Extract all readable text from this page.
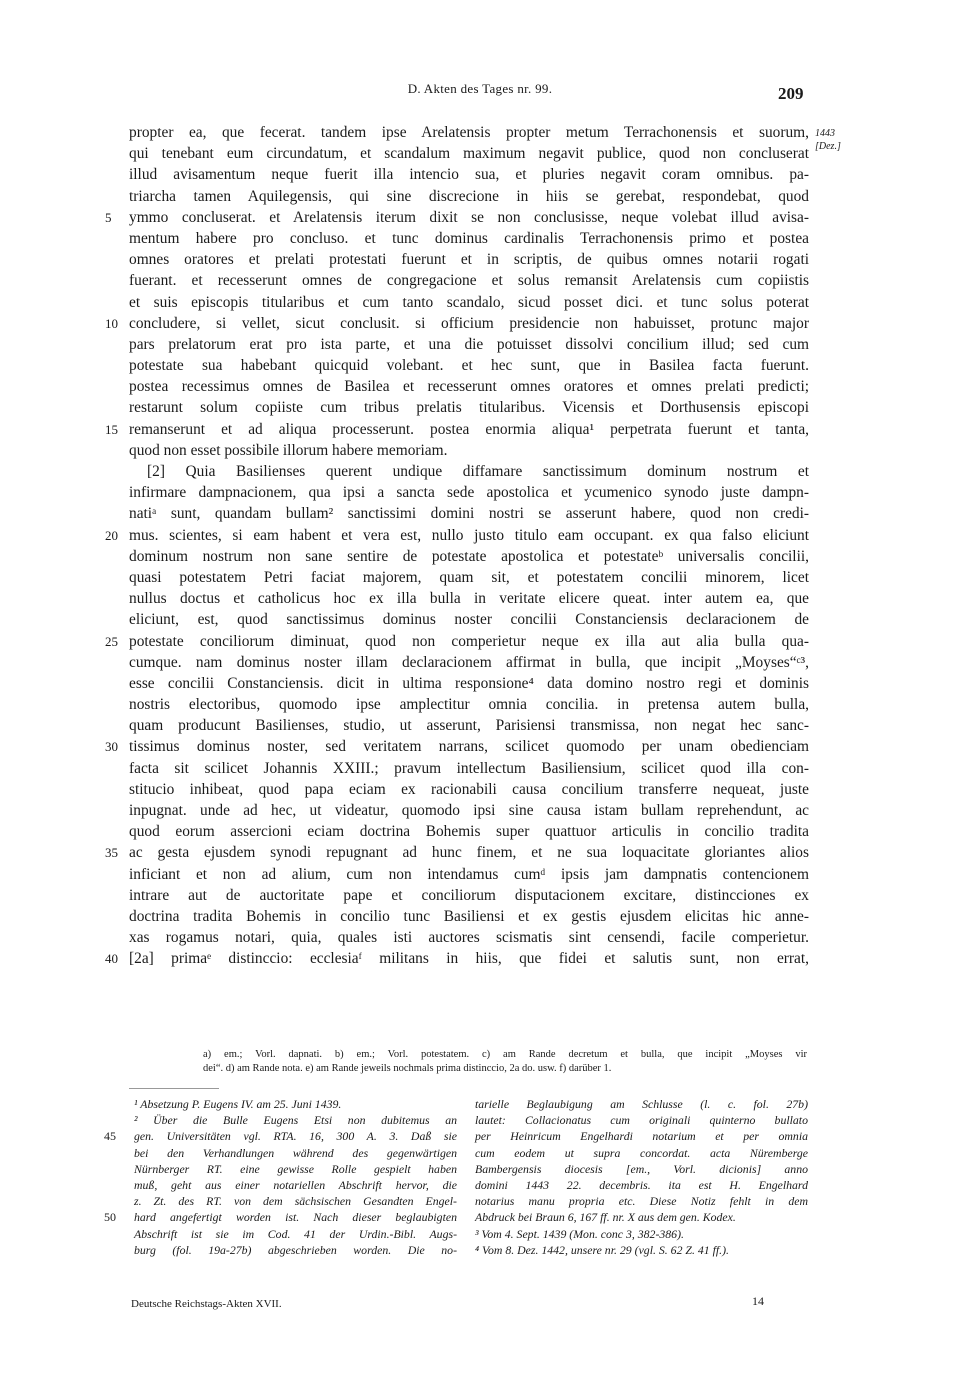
D. Akten des Tages nr. 99.	209
1443
[Dez.]
propter ea, que fecerat. tandem ipse Arelatensis propter metum Terrachonensis et suorum,
qui tenebant eum circundatum, et scandalum maximum negavit publice, quod non concluserat
illud avisamentum neque fuerit illa intencio sua, et pluries negavit coram omnibus. pa-
triarcha tamen Aquilegensis, qui sine discrecione in hiis se gerebat, respondebat, quod
5	ymmo concluserat. et Arelatensis iterum dixit se non conclusisse, neque volebat illud avisa-
mentum habere pro concluso. et tunc dominus cardinalis Terrachonensis primo et postea
omnes oratores et prelati protestati fuerunt et in scriptis, de quibus omnes notarii rogati
fuerant. et recesserunt omnes de congregacione et solus remansit Arelatensis cum copiistis
et suis episcopis titularibus et cum tanto scandalo, sicud posset dici. et tunc solus poterat
10 concludere, si vellet, sicut conclusit. si officium presidencie non habuisset, protunc major
pars prelatorum erat pro ista parte, et una die potuisset dissolvi concilium illud; sed cum
potestate sua habebant quicquid volebant. et hec sunt, que in Basilea facta fuerunt.
postea recessimus omnes de Basilea et recesserunt omnes oratores et omnes prelati predicti;
restarunt solum copiiste cum tribus prelatis titularibus. Vicensis et Dorthusensis episcopi
15 remanserunt et ad aliqua processerunt. postea enormia aliqua¹ perpetrata fuerunt et tanta,
quod non esset possibile illorum habere memoriam.
[2] Quia Basilienses querent undique diffamare sanctissimum dominum nostrum et
infirmare dampnacionem, qua ipsi a sancta sede apostolica et ycumenico synodo juste dampn-
natiᵃ sunt, quandam bullam² sanctissimi domini nostri se asserunt habere, quod non credi-
20 mus. scientes, si eam habent et vera est, nullo justo titulo eam occupant. ex qua falso eliciunt
dominum nostrum non sane sentire de potestate apostolica et potestateᵇ universalis concilii,
quasi potestatem Petri faciat majorem, quam sit, et potestatem concilii minorem, licet
nullus doctus et catholicus hoc ex illa bulla in veritate elicere queat. inter autem ea, que
eliciunt, est, quod sanctissimus dominus noster concilii Constanciensis declaracionem de
25 potestate conciliorum diminuat, quod non comperietur neque ex illa aut alia bulla qua-
cumque. nam dominus noster illam declaracionem affirmat in bulla, que incipit „Moyses“ᶜ³,
esse concilii Constanciensis. dicit in ultima responsione⁴ data domino nostro regi et dominis
nostris electoribus, quomodo ipse amplectitur omnia concilia. in pretensa autem bulla,
quam producunt Basilienses, studio, ut asserunt, Parisiensi transmissa, non negat hec sanc-
30 tissimus dominus noster, sed veritatem narrans, scilicet quomodo per unam obedienciam
facta sit scilicet Johannis XXIII.; pravum intellectum Basiliensium, scilicet quod illa con-
stitucio inhibeat, quod papa eciam ex racionabili causa concilium transferre nequeat, juste
inpugnat. unde ad hec, ut videatur, quomodo ipsi sine causa istam bullam reprehendunt, ac
quod eorum assercioni eciam doctrina Bohemis super quattuor articulis in concilio tradita
35 ac gesta ejusdem synodi repugnant ad hunc finem, et ne sua loquacitate gloriantes alios
inficiant et non ad alium, cum non intendamus cumᵈ ipsis jam dampnatis contencionem
intrare aut de auctoritate pape et conciliorum disputacionem excitare, distincciones ex
doctrina tradita Bohemis in concilio tunc Basiliensi et ex gestis ejusdem elicitas hic anne-
xas rogamus notari, quia, quales isti auctores scismatis sint censendi, facile comperietur.
40 [2a] primaᵉ distinccio: ecclesiaᶠ militans in hiis, que fidei et salutis sunt, non errat,
a) em.; Vorl. dapnati. b) em.; Vorl. potestatem. c) am Rande decretum et bulla, que incipit „Moyses vir
dei“. d) am Rande nota. e) am Rande jeweils nochmals prima distinccio, 2a do. usw. f) darüber 1.
¹ Absetzung P. Eugens IV. am 25. Juni 1439.
² Über die Bulle Eugens Etsi non dubitemus an
45 gen. Universitäten vgl. RTA. 16, 300 A. 3. Daß sie
bei den Verhandlungen während des gegenwärtigen
Nürnberger RT. eine gewisse Rolle gespielt haben
muß, geht aus einer notariellen Abschrift hervor, die
z. Zt. des RT. von dem sächsischen Gesandten Engel-
50 hard angefertigt worden ist. Nach dieser beglaubigten
Abschrift ist sie im Cod. 41 der Urdin.-Bibl. Augs-
burg (fol. 19a-27b) abgeschrieben worden. Die no-
tarielle Beglaubigung am Schlusse (l. c. fol. 27b)
lautet: Collacionatus cum originali quinterno bullato
per Heinricum Engelhardi notarium et per omnia
cum eodem ut supra concordat. acta Nüremberge
Bambergensis diocesis [em., Vorl. dicionis] anno
domini 1443 22. decembris. ita est H. Engelhard
notarius manu propria etc. Diese Notiz fehlt in dem
Abdruck bei Braun 6, 167 ff. nr. X aus dem gen. Kodex.
³ Vom 4. Sept. 1439 (Mon. conc 3, 382-386).
⁴ Vom 8. Dez. 1442, unsere nr. 29 (vgl. S. 62 Z. 41 ff.).
Deutsche Reichstags-Akten XVII.	14
